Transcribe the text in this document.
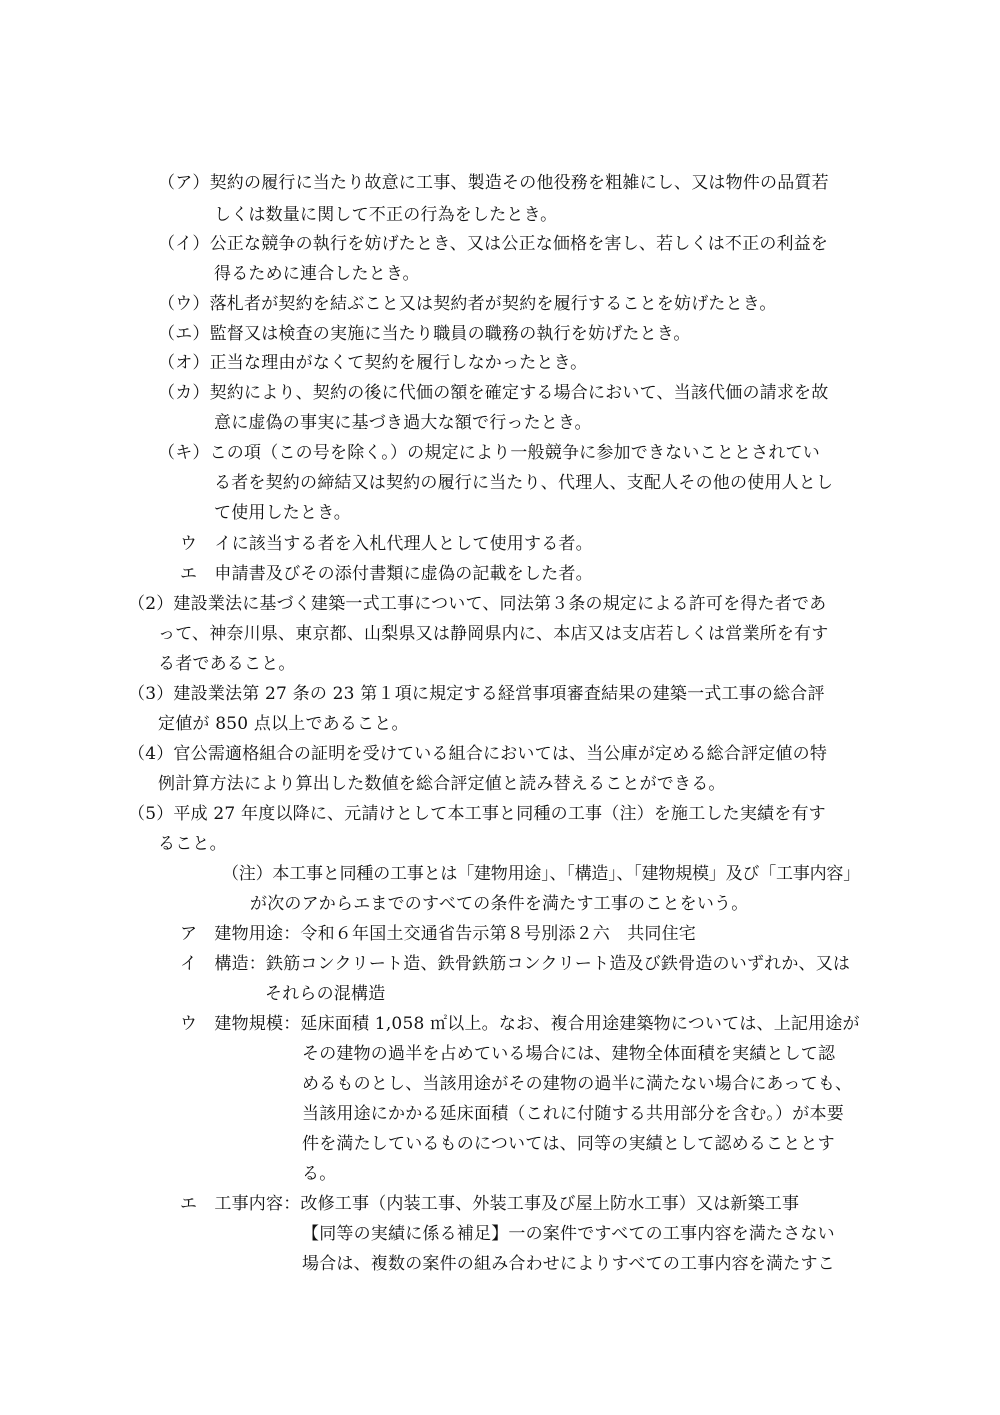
（ア）契約の履行に当たり故意に工事、製造その他役務を粗雑にし、又は物件の品質若
しくは数量に関して不正の行為をしたとき。
（イ）公正な競争の執行を妨げたとき、又は公正な価格を害し、若しくは不正の利益を
得るために連合したとき。
（ウ）落札者が契約を結ぶこと又は契約者が契約を履行することを妨げたとき。
（エ）監督又は検査の実施に当たり職員の職務の執行を妨げたとき。
（オ）正当な理由がなくて契約を履行しなかったとき。
（カ）契約により、契約の後に代価の額を確定する場合において、当該代価の請求を故
意に虚偽の事実に基づき過大な額で行ったとき。
（キ）この項（この号を除く。）の規定により一般競争に参加できないこととされてい
る者を契約の締結又は契約の履行に当たり、代理人、支配人その他の使用人とし
て使用したとき。
ウ　イに該当する者を入札代理人として使用する者。
エ　申請書及びその添付書類に虚偽の記載をした者。
（2）建設業法に基づく建築一式工事について、同法第３条の規定による許可を得た者であ
って、神奈川県、東京都、山梨県又は静岡県内に、本店又は支店若しくは営業所を有す
る者であること。
（3）建設業法第 27 条の 23 第１項に規定する経営事項審査結果の建築一式工事の総合評
定値が 850 点以上であること。
（4）官公需適格組合の証明を受けている組合においては、当公庫が定める総合評定値の特
例計算方法により算出した数値を総合評定値と読み替えることができる。
（5）平成 27 年度以降に、元請けとして本工事と同種の工事（注）を施工した実績を有す
ること。
（注）本工事と同種の工事とは「建物用途」、「構造」、「建物規模」及び「工事内容」
が次のアからエまでのすべての条件を満たす工事のことをいう。
ア　建物用途：令和６年国土交通省告示第８号別添２六　共同住宅
イ　構造：鉄筋コンクリート造、鉄骨鉄筋コンクリート造及び鉄骨造のいずれか、又は
それらの混構造
ウ　建物規模：延床面積 1,058 ㎡以上。なお、複合用途建築物については、上記用途が
その建物の過半を占めている場合には、建物全体面積を実績として認
めるものとし、当該用途がその建物の過半に満たない場合にあっても、
当該用途にかかる延床面積（これに付随する共用部分を含む。）が本要
件を満たしているものについては、同等の実績として認めることとす
る。
エ　工事内容：改修工事（内装工事、外装工事及び屋上防水工事）又は新築工事
【同等の実績に係る補足】一の案件ですべての工事内容を満たさない
場合は、複数の案件の組み合わせによりすべての工事内容を満たすこ
